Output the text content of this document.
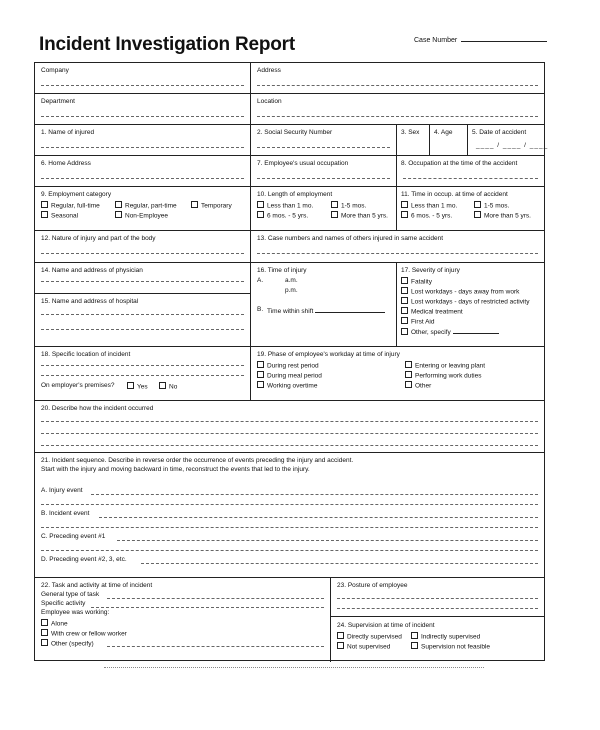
Incident Investigation Report	Case Number
Company	Address
Department	Location
1. Name of injured	2. Social Security Number	3. Sex 4. Age	5. Date of accident
____ / ____ / ____
6. Home Address	7. Employee's usual occupation	8. Occupation at the time of the accident
9. Employment category
Regular, full-time	Regular, part-time	Temporary
Seasonal	Non-Employee
10. Length of employment
Less than 1 mo.	1-5 mos.
6 mos. - 5 yrs.	More than 5 yrs.
11. Time in occup. at time of accident
Less than 1 mo.	1-5 mos.
6 mos. - 5 yrs.	More than 5 yrs.
12. Nature of injury and part of the body	13. Case numbers and names of others injured in same accident
14. Name and address of physician
15. Name and address of hospital
16. Time of injury
A.	a.m.
p.m.
B. Time within shift
17. Severity of injury
Fatality
Lost workdays - days away from work
Lost workdays - days of restricted activity
Medical treatment
First Aid
Other, specify
18. Specific location of incident
On employer's premises?	Yes	No
19. Phase of employee's workday at time of injury
During rest period
During meal period
Working overtime
Entering or leaving plant
Performing work duties
Other
20. Describe how the incident occurred
21. Incident sequence. Describe in reverse order the occurrence of events preceding the injury and accident.
Start with the injury and moving backward in time, reconstruct the events that led to the injury.
A. Injury event
B. Incident event
C. Preceding event #1
D. Preceding event #2, 3, etc.
22. Task and activity at time of incident
General type of task
Specific activity
Employee was working:
Alone
With crew or fellow worker
Other (specify)
23. Posture of employee
24. Supervision at time of incident
Directly supervised	Indirectly supervised
Not supervised	Supervision not feasible
